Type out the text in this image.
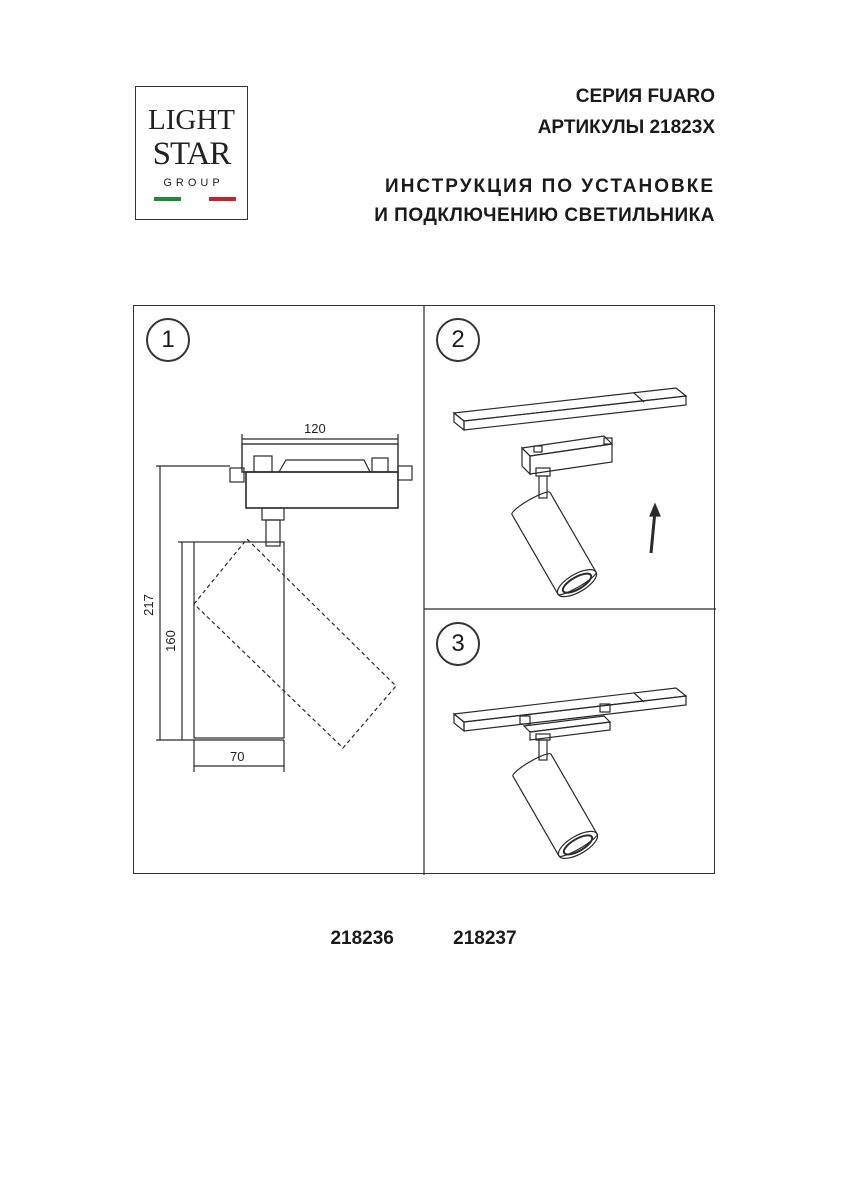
LIGHT
STAR
GROUP
СЕРИЯ FUARO
АРТИКУЛЫ 21823X
ИНСТРУКЦИЯ ПО УСТАНОВКЕ
И ПОДКЛЮЧЕНИЮ СВЕТИЛЬНИКА
1	2
3
120
217
160
70
218236	218237
